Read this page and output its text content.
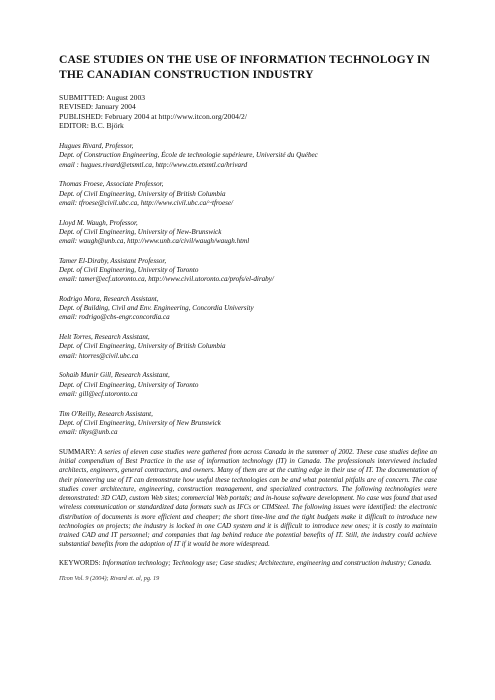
CASE STUDIES ON THE USE OF INFORMATION TECHNOLOGY IN THE CANADIAN CONSTRUCTION INDUSTRY
SUBMITTED: August 2003
REVISED: January 2004
PUBLISHED: February 2004 at http://www.itcon.org/2004/2/
EDITOR: B.C. Björk
Hugues Rivard, Professor,
Dept. of Construction Engineering, École de technologie supérieure, Université du Québec
email : hugues.rivard@etsmtl.ca, http://www.ctn.etsmtl.ca/hrivard
Thomas Froese, Associate Professor,
Dept. of Civil Engineering, University of British Columbia
email: tfroese@civil.ubc.ca, http://www.civil.ubc.ca/~tfroese/
Lloyd M. Waugh, Professor,
Dept. of Civil Engineering, University of New-Brunswick
email: waugh@unb.ca, http://www.unb.ca/civil/waugh/waugh.html
Tamer El-Diraby, Assistant Professor,
Dept. of Civil Engineering, University of Toronto
email: tamer@ecf.utoronto.ca, http://www.civil.utoronto.ca/profs/el-diraby/
Rodrigo Mora, Research Assistant,
Dept. of Building, Civil and Env. Engineering, Concordia University
email: rodrigo@cbs-engr.concordia.ca
Helt Torres, Research Assistant,
Dept. of Civil Engineering, University of British Columbia
email: htorres@civil.ubc.ca
Sohaib Munir Gill, Research Assistant,
Dept. of Civil Engineering, University of Toronto
email: gill@ecf.utoronto.ca
Tim O'Reilly, Research Assistant,
Dept. of Civil Engineering, University of New Brunswick
email: tlkys@unb.ca

SUMMARY: A series of eleven case studies were gathered from across Canada in the summer of 2002. These case studies define an initial compendium of Best Practice in the use of information technology (IT) in Canada. The professionals interviewed included architects, engineers, general contractors, and owners. Many of them are at the cutting edge in their use of IT. The documentation of their pioneering use of IT can demonstrate how useful these technologies can be and what potential pitfalls are of concern. The case studies cover architecture, engineering, construction management, and specialized contractors. The following technologies were demonstrated: 3D CAD, custom Web sites; commercial Web portals; and in-house software development. No case was found that used wireless communication or standardized data formats such as IFCs or CIMSteel. The following issues were identified: the electronic distribution of documents is more efficient and cheaper; the short time-line and the tight budgets make it difficult to introduce new technologies on projects; the industry is locked in one CAD system and it is difficult to introduce new ones; it is costly to maintain trained CAD and IT personnel; and companies that lag behind reduce the potential benefits of IT. Still, the industry could achieve substantial benefits from the adoption of IT if it would be more widespread.

KEYWORDS: Information technology; Technology use; Case studies; Architecture, engineering and construction industry; Canada.

ITcon Vol. 9 (2004); Rivard et. al, pg. 19
